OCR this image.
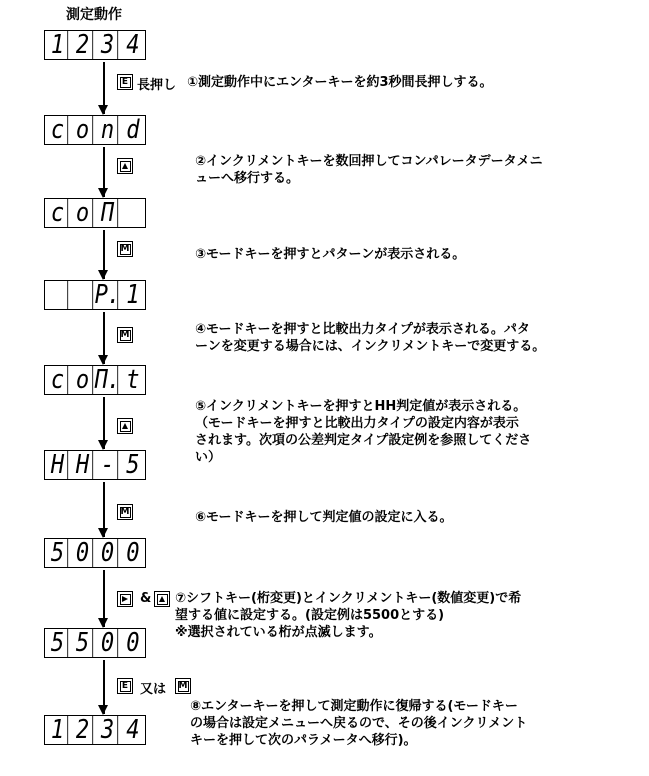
測定動作
1 2 3 4
c o n d
c o Π
P. 1
c o Π. t
H H - 5
5 0 0 0
5 5 0 0
1 2 3 4
E 長押し ①測定動作中にエンターキーを約3秒間長押しする。
②インクリメントキーを数回押してコンパレータデータメニ
ューへ移行する。
M	③モードキーを押すとパターンが表示される。
M	④モードキーを押すと比較出力タイプが表示される。パタ
ーンを変更する場合には、インクリメントキーで変更する。
⑤インクリメントキーを押すとHH判定値が表示される。
（モードキーを押すと比較出力タイプの設定内容が表示
されます。次項の公差判定タイプ設定例を参照してくださ
い）
M	⑥モードキーを押して判定値の設定に入る。
& ⑦シフトキー(桁変更)とインクリメントキー(数値変更)で希
望する値に設定する。(設定例は5500とする)
※選択されている桁が点滅します。
E 又は M
⑧エンターキーを押して測定動作に復帰する(モードキー
の場合は設定メニューへ戻るので、その後インクリメント
キーを押して次のパラメータへ移行)。
